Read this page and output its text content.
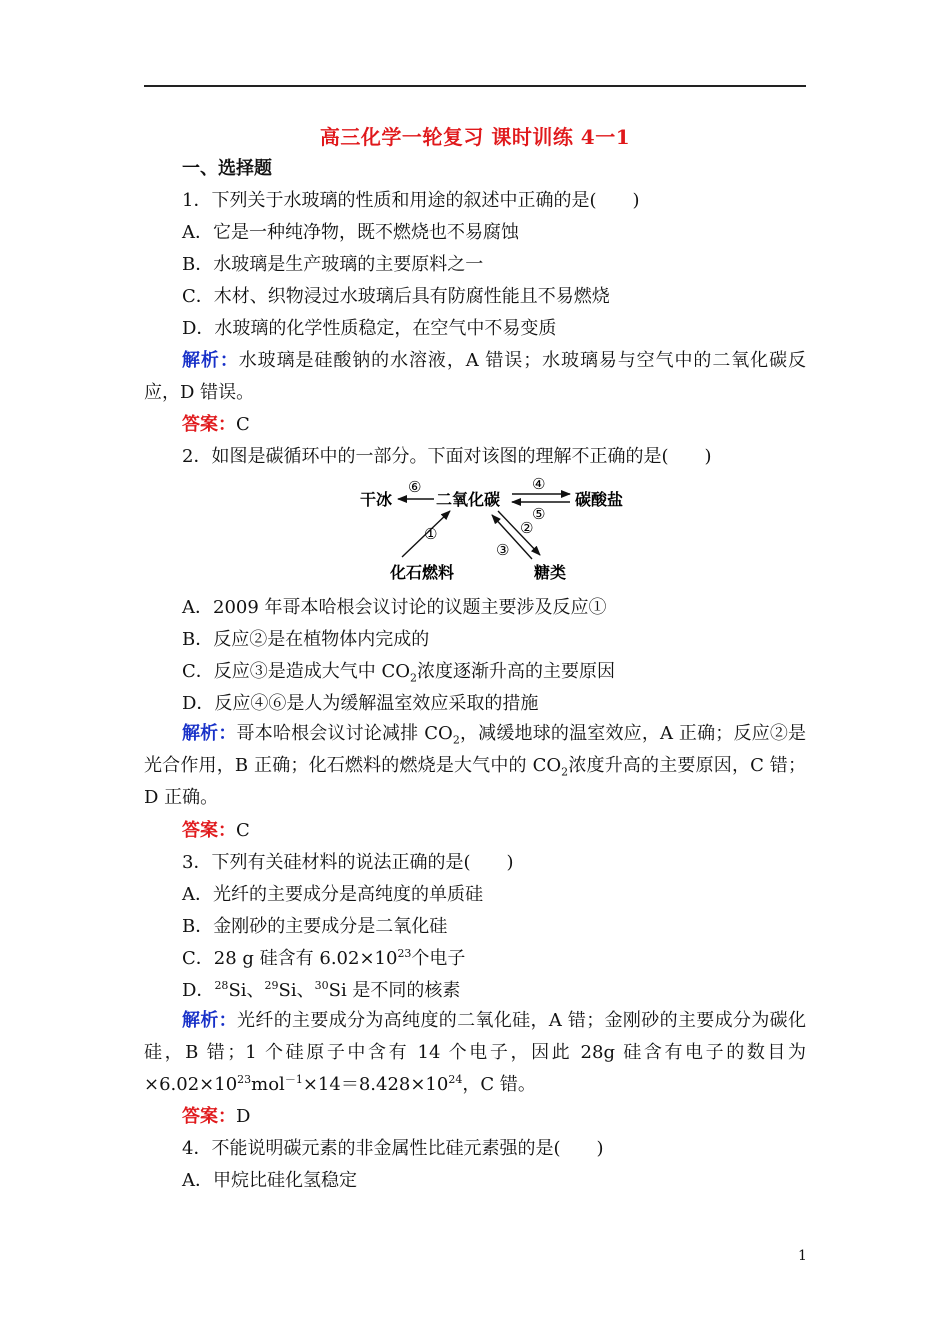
高三化学一轮复习 课时训练 4一1
一、选择题
1．下列关于水玻璃的性质和用途的叙述中正确的是(　　)
A．它是一种纯净物，既不燃烧也不易腐蚀
B．水玻璃是生产玻璃的主要原料之一
C．木材、织物浸过水玻璃后具有防腐性能且不易燃烧
D．水玻璃的化学性质稳定，在空气中不易变质
解析：水玻璃是硅酸钠的水溶液，A 错误；水玻璃易与空气中的二氧化碳反应，D 错误。
答案：C
2．如图是碳循环中的一部分。下面对该图的理解不正确的是(　　)
干冰	二氧化碳	碳酸盐
化石燃料	糖类
⑥	④
⑤
①	②
③
A．2009 年哥本哈根会议讨论的议题主要涉及反应①
B．反应②是在植物体内完成的
C．反应③是造成大气中 $CO_2$浓度逐渐升高的主要原因
D．反应④⑥是人为缓解温室效应采取的措施
解析：哥本哈根会议讨论减排 $CO_2$，减缓地球的温室效应，A 正确；反应②是光合作用，B 正确；化石燃料的燃烧是大气中的 $CO_2$浓度升高的主要原因，C 错；D 正确。
答案：C
3．下列有关硅材料的说法正确的是(　　)
A．光纤的主要成分是高纯度的单质硅
B．金刚砂的主要成分是二氧化硅
C．28 g 硅含有 $6.02\times 10^{23}$个电子
D．$^{28}$Si、$^{29}$Si、$^{30}$Si 是不同的核素
解析：光纤的主要成分为高纯度的二氧化硅，A 错；金刚砂的主要成分为碳化硅，B 错；1 个硅原子中含有 14 个电子，因此 28g 硅含有电子的数目为$\times 6.02\times 10^{23}mol^{-1}\times 14=8.428\times 10^{24}$，C 错。
答案：D
4．不能说明碳元素的非金属性比硅元素强的是(　　)
A．甲烷比硅化氢稳定
1
